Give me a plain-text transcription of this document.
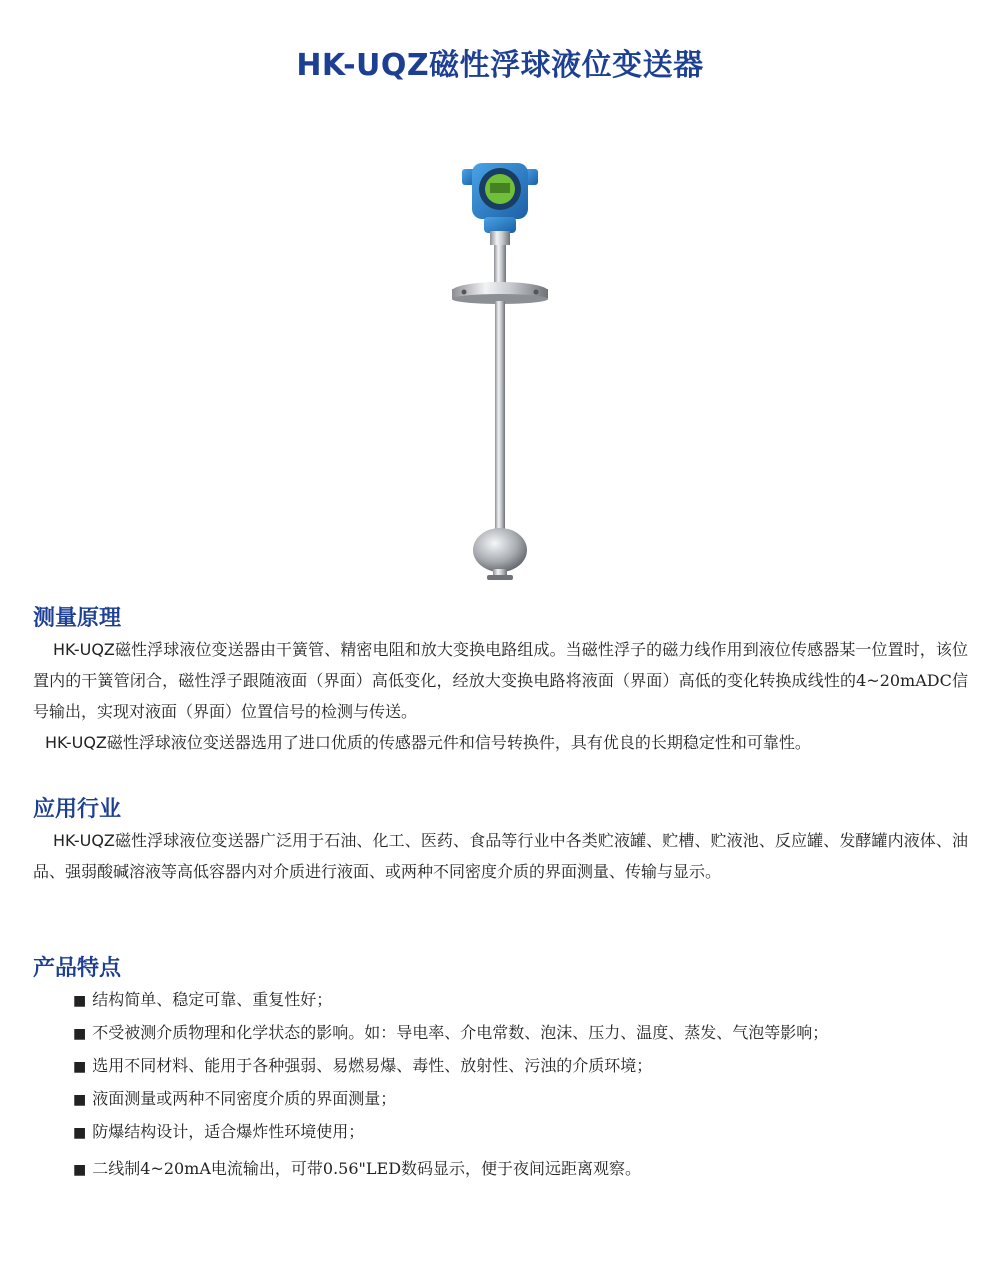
HK-UQZ磁性浮球液位变送器
测量原理

HK-UQZ磁性浮球液位变送器由干簧管、精密电阻和放大变换电路组成。当磁性浮子的磁力线作用到液位传感器某一位置时，该位置内的干簧管闭合，磁性浮子跟随液面（界面）高低变化，经放大变换电路将液面（界面）高低的变化转换成线性的4~20mADC信号输出，实现对液面（界面）位置信号的检测与传送。

HK-UQZ磁性浮球液位变送器选用了进口优质的传感器元件和信号转换件，具有优良的长期稳定性和可靠性。

应用行业

HK-UQZ磁性浮球液位变送器广泛用于石油、化工、医药、食品等行业中各类贮液罐、贮槽、贮液池、反应罐、发酵罐内液体、油品、强弱酸碱溶液等高低容器内对介质进行液面、或两种不同密度介质的界面测量、传输与显示。

产品特点

■ 结构简单、稳定可靠、重复性好；

■ 不受被测介质物理和化学状态的影响。如：导电率、介电常数、泡沫、压力、温度、蒸发、气泡等影响；

■ 选用不同材料、能用于各种强弱、易燃易爆、毒性、放射性、污浊的介质环境；

■ 液面测量或两种不同密度介质的界面测量；

■ 防爆结构设计，适合爆炸性环境使用；

■ 二线制4~20mA电流输出，可带0.56"LED数码显示，便于夜间远距离观察。
